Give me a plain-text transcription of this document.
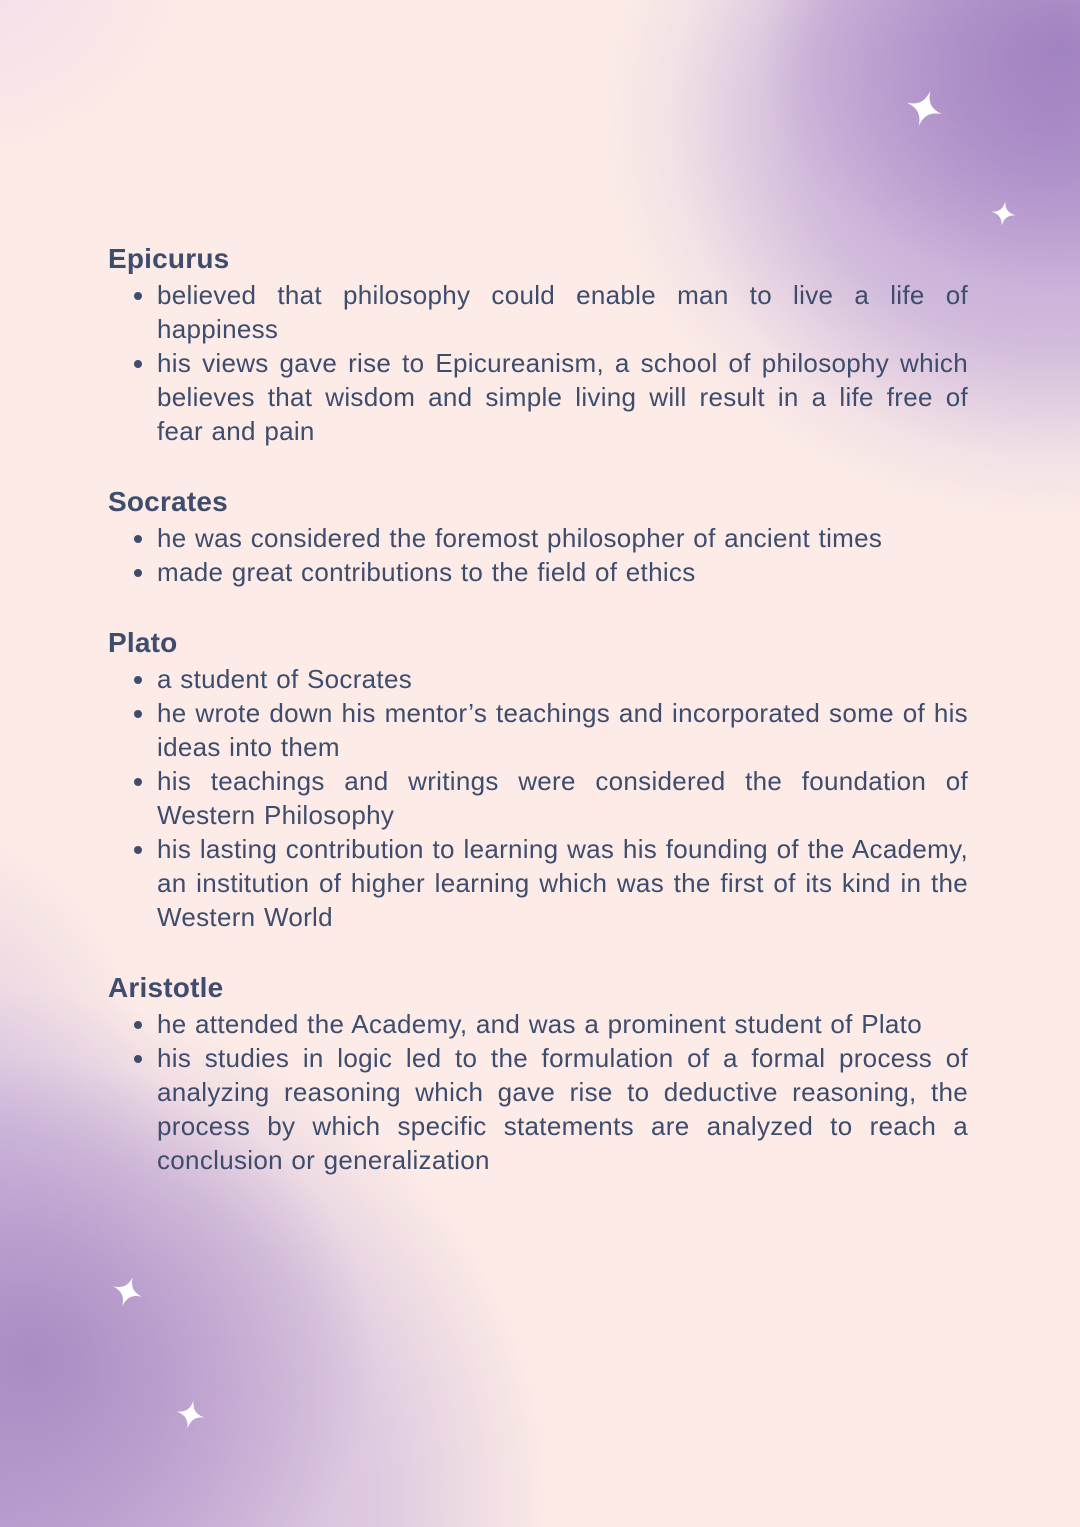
Epicurus
• believed that philosophy could enable man to live a life of happiness
• his views gave rise to Epicureanism, a school of philosophy which believes that wisdom and simple living will result in a life free of fear and pain
Socrates
• he was considered the foremost philosopher of ancient times
• made great contributions to the field of ethics
Plato
• a student of Socrates
• he wrote down his mentor’s teachings and incorporated some of his ideas into them
• his teachings and writings were considered the foundation of Western Philosophy
• his lasting contribution to learning was his founding of the Academy, an institution of higher learning which was the first of its kind in the Western World
Aristotle
• he attended the Academy, and was a prominent student of Plato
• his studies in logic led to the formulation of a formal process of analyzing reasoning which gave rise to deductive reasoning, the process by which specific statements are analyzed to reach a conclusion or generalization
